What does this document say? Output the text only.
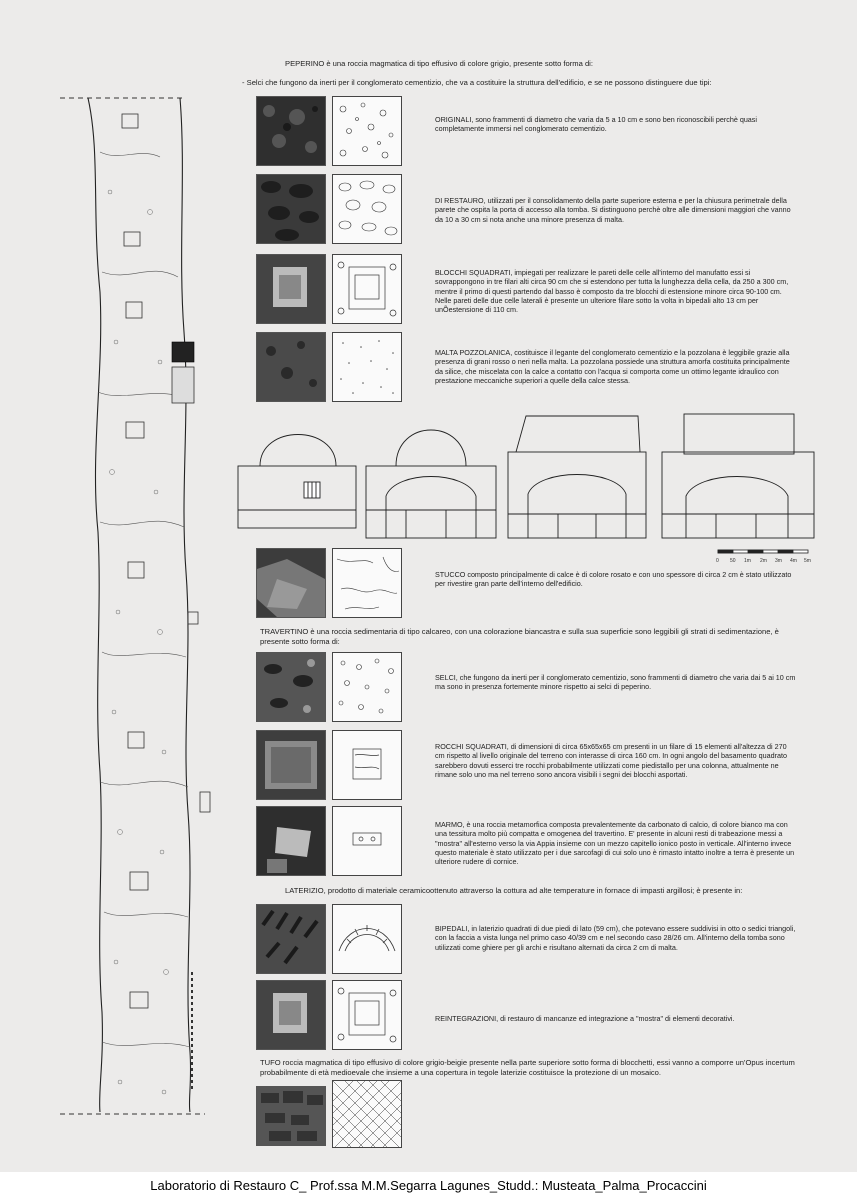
PEPERINO è una roccia magmatica di tipo effusivo di colore grigio, presente sotto forma di:
- Selci che fungono da inerti per il conglomerato cementizio, che va a costituire la struttura dell'edificio, e se ne possono distinguere due tipi:
ORIGINALI, sono frammenti di diametro che varia da 5 a 10 cm e sono ben riconoscibili perchè quasi completamente immersi nel conglomerato cementizio.
DI RESTAURO, utilizzati per il consolidamento della parte superiore esterna e per la chiusura perimetrale della parete che ospita la porta di accesso alla tomba. Si distinguono perchè oltre alle dimensioni maggiori che vanno da 10 a 30 cm si nota anche una minore presenza di malta.
BLOCCHI SQUADRATI, impiegati per realizzare le pareti delle celle all'interno del manufatto essi si sovrappongono in tre filari alti circa 90 cm che si estendono per tutta la lunghezza della cella, da 250 a 300 cm, mentre il primo di questi partendo dal basso è composto da tre blocchi di estensione minore circa 90-100 cm. Nelle pareti delle due celle laterali è presente un ulteriore filare sotto la volta in bipedali alto 13 cm per unÕestensione di 110 cm.
MALTA POZZOLANICA, costituisce il legante del conglomerato cementizio e la pozzolana è leggibile grazie alla presenza di grani rosso o neri nella malta. La pozzolana possiede una struttura amorfa costituita principalmente da silice, che miscelata con la calce a contatto con l'acqua si comporta come un ottimo legante idraulico con prestazione meccaniche superiori a quelle della calce stessa.
0 50 1m 2m 3m 4m 5m
STUCCO composto principalmente di calce è di colore rosato e con uno spessore di circa 2 cm è stato utilizzato per rivestire gran parte dell'interno dell'edificio.
TRAVERTINO è una roccia sedimentaria di tipo calcareo, con una colorazione biancastra e sulla sua superficie sono leggibili gli strati di sedimentazione, è presente sotto forma di:
SELCI, che fungono da inerti per il conglomerato cementizio, sono frammenti di diametro che varia dai 5 ai 10 cm ma sono in presenza fortemente minore rispetto ai selci di peperino.
ROCCHI SQUADRATI, di dimensioni di circa 65x65x65 cm presenti in un filare di 15 elementi all'altezza di 270 cm rispetto al livello originale del terreno con interasse di circa 160 cm. In ogni angolo del basamento quadrato sarebbero dovuti esserci tre rocchi probabilmente utilizzati come piedistallo per una colonna, attualmente ne rimane solo uno ma nel terreno sono ancora visibili i segni dei blocchi asportati.
MARMO, è una roccia metamorfica composta prevalentemente da carbonato di calcio, di colore bianco ma con una tessitura molto più compatta e omogenea del travertino. E' presente in alcuni resti di trabeazione messi a "mostra" all'esterno verso la via Appia insieme con un mezzo capitello ionico posto in verticale. All'interno invece questo materiale è stato utilizzato per i due sarcofagi di cui solo uno è rimasto intatto inoltre a terra è presente un ulteriore rudere di cornice.
LATERIZIO, prodotto di materiale ceramicoottenuto attraverso la cottura ad alte temperature in fornace di impasti argillosi; è presente in:
BIPEDALI, in laterizio quadrati di due piedi di lato (59 cm), che potevano essere suddivisi in otto o sedici triangoli, con la faccia a vista lunga nel primo caso 40/39 cm e nel secondo caso 28/26 cm. All'interno della tomba sono utilizzati come ghiere per gli archi e risultano alternati da circa 2 cm di malta.
REINTEGRAZIONI, di restauro di mancanze ed integrazione a "mostra" di elementi decorativi.
TUFO roccia magmatica di tipo effusivo di colore grigio-beigie presente nella parte superiore sotto forma di blocchetti, essi vanno a comporre un'Opus incertum probabilmente di età medioevale che insieme a una copertura in tegole laterizie costituisce la protezione di un mosaico.
Laboratorio di Restauro C_ Prof.ssa M.M.Segarra Lagunes_Studd.: Musteata_Palma_Procaccini
